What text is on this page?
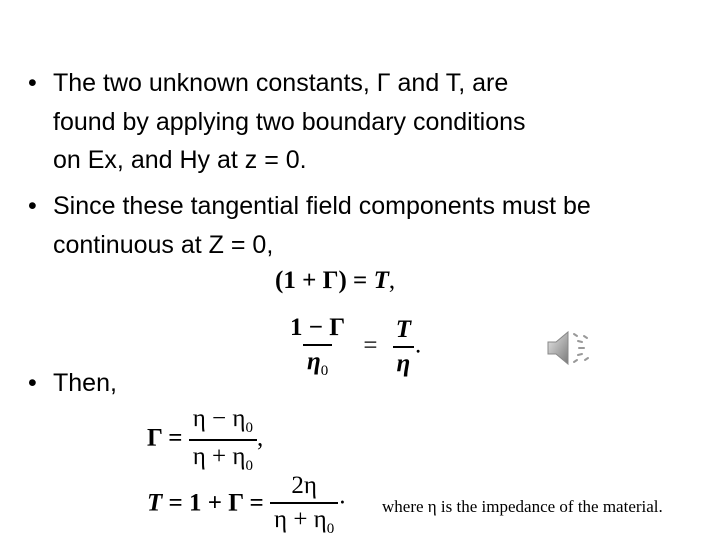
• The two unknown constants, Γ and T, are
found by applying two boundary conditions
on Ex, and Hy at z = 0.
• Since these tangential field components must be
continuous at Z = 0,
(1 + Γ) = T,
$\frac{1 - \Gamma}{\eta_0} = \frac{T}{\eta}$ .
• Then,
$\Gamma = \frac{\eta - \eta_0}{\eta + \eta_0}$ ,
$T = 1 + \Gamma = \frac{2\eta}{\eta + \eta_0}$ · where η is the impedance of the material.
